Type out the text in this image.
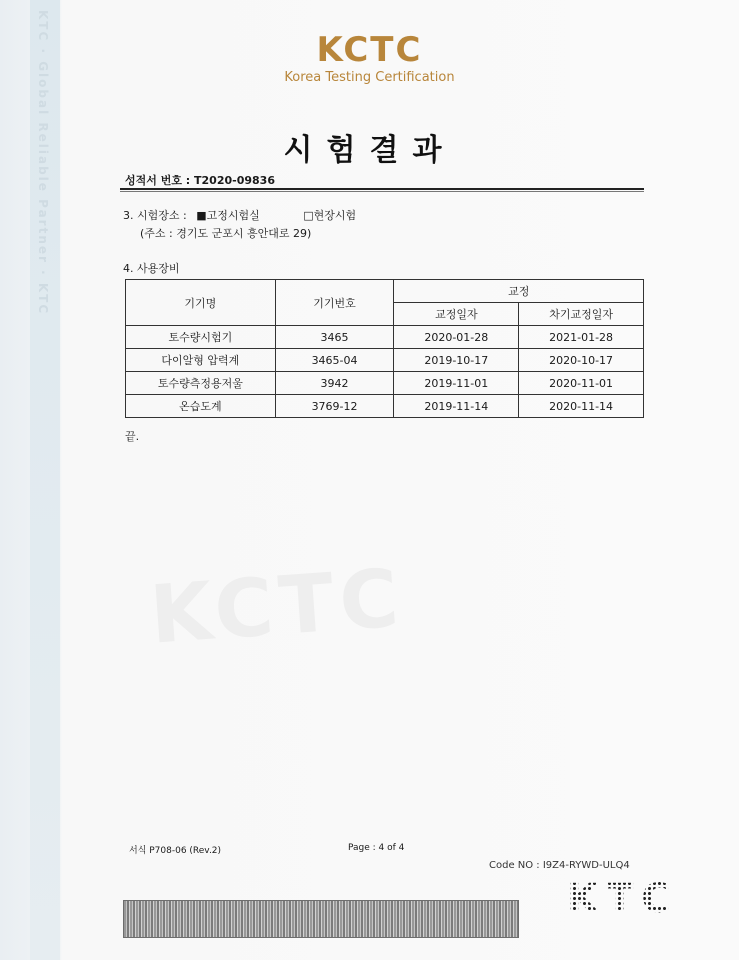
KTC · Global Reliable Partner · KTC
KCTC
KCTC
Korea Testing Certification
시험결과
성적서 번호 : T2020-09836
3. 시험장소 : ■고정시험실	□현장시험
(주소 : 경기도 군포시 흥안대로 29)
4. 사용장비
기기명	기기번호	교정	
		교정일자	차기교정일자
토수량시험기	3465	2020-01-28	2021-01-28
다이알형 압력계	3465-04	2019-10-17	2020-10-17
토수량측정용저울	3942	2019-11-01	2020-11-01
온습도계	3769-12	2019-11-14	2020-11-14
끝.
서식 P708-06 (Rev.2)	Page : 4 of 4
Code NO : I9Z4-RYWD-ULQ4
KTC
